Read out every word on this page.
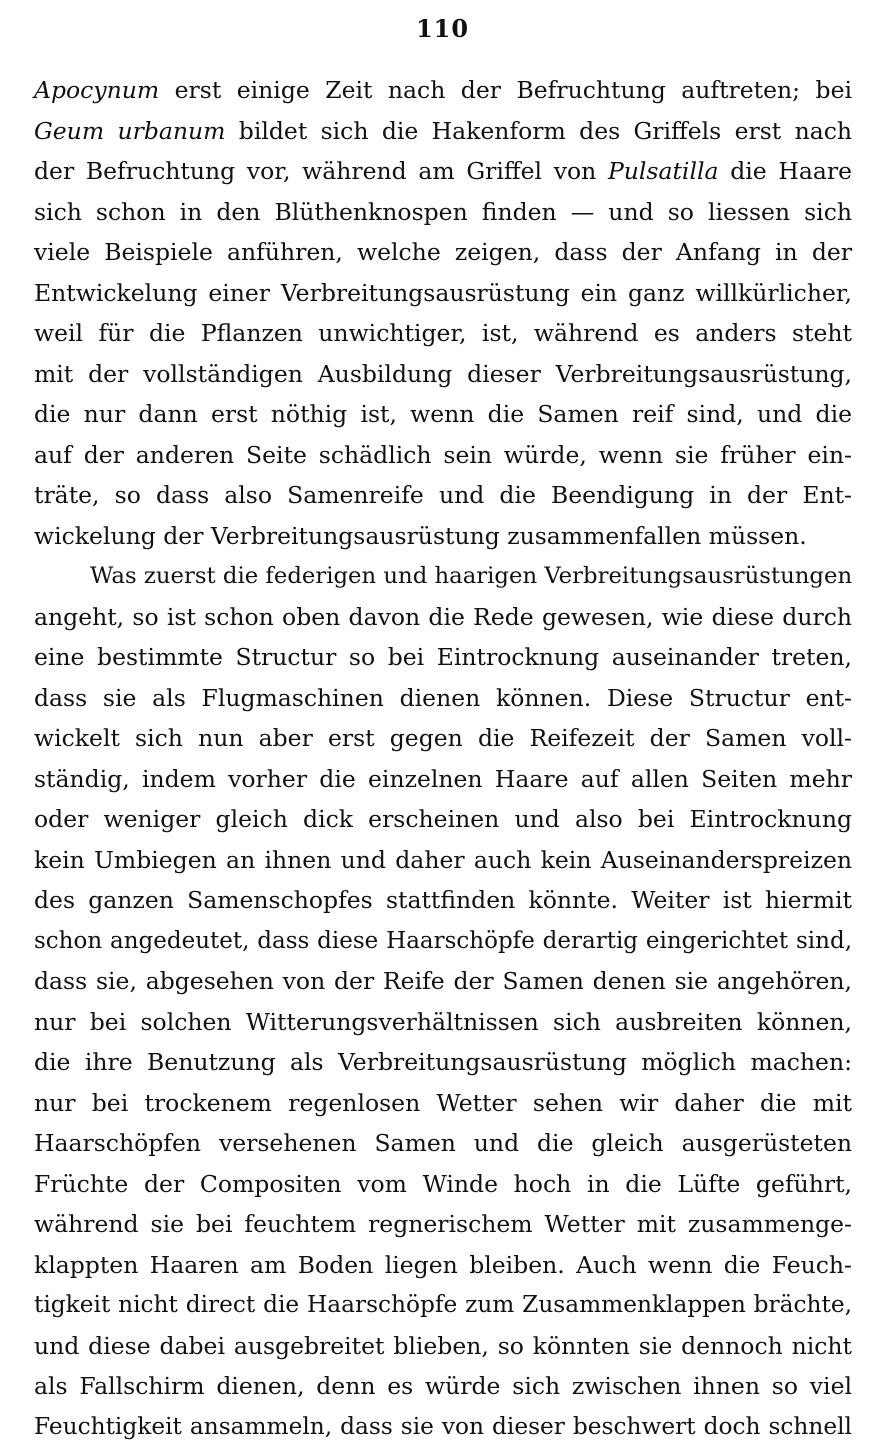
110
Apocynum erst einige Zeit nach der Befruchtung auftreten; bei
Geum urbanum bildet sich die Hakenform des Griffels erst nach
der Befruchtung vor, während am Griffel von Pulsatilla die Haare
sich schon in den Blüthenknospen finden — und so liessen sich
viele Beispiele anführen, welche zeigen, dass der Anfang in der
Entwickelung einer Verbreitungsausrüstung ein ganz willkürlicher,
weil für die Pflanzen unwichtiger, ist, während es anders steht
mit der vollständigen Ausbildung dieser Verbreitungsausrüstung,
die nur dann erst nöthig ist, wenn die Samen reif sind, und die
auf der anderen Seite schädlich sein würde, wenn sie früher ein-
träte, so dass also Samenreife und die Beendigung in der Ent-
wickelung der Verbreitungsausrüstung zusammenfallen müssen.
Was zuerst die federigen und haarigen Verbreitungsausrüstungen
angeht, so ist schon oben davon die Rede gewesen, wie diese durch
eine bestimmte Structur so bei Eintrocknung auseinander treten,
dass sie als Flugmaschinen dienen können. Diese Structur ent-
wickelt sich nun aber erst gegen die Reifezeit der Samen voll-
ständig, indem vorher die einzelnen Haare auf allen Seiten mehr
oder weniger gleich dick erscheinen und also bei Eintrocknung
kein Umbiegen an ihnen und daher auch kein Auseinanderspreizen
des ganzen Samenschopfes stattfinden könnte. Weiter ist hiermit
schon angedeutet, dass diese Haarschöpfe derartig eingerichtet sind,
dass sie, abgesehen von der Reife der Samen denen sie angehören,
nur bei solchen Witterungsverhältnissen sich ausbreiten können,
die ihre Benutzung als Verbreitungsausrüstung möglich machen:
nur bei trockenem regenlosen Wetter sehen wir daher die mit
Haarschöpfen versehenen Samen und die gleich ausgerüsteten
Früchte der Compositen vom Winde hoch in die Lüfte geführt,
während sie bei feuchtem regnerischem Wetter mit zusammenge-
klappten Haaren am Boden liegen bleiben. Auch wenn die Feuch-
tigkeit nicht direct die Haarschöpfe zum Zusammenklappen brächte,
und diese dabei ausgebreitet blieben, so könnten sie dennoch nicht
als Fallschirm dienen, denn es würde sich zwischen ihnen so viel
Feuchtigkeit ansammeln, dass sie von dieser beschwert doch schnell
